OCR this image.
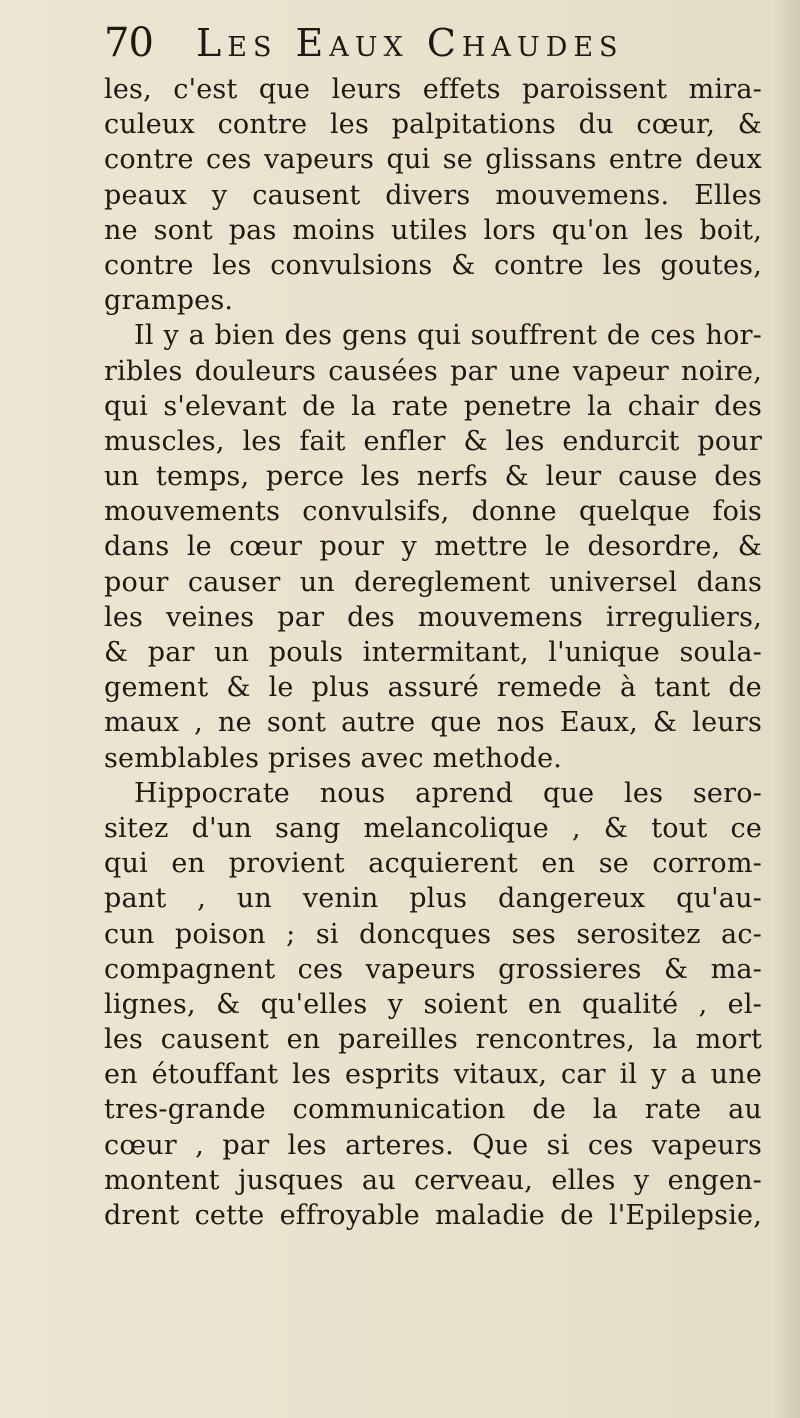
70	Les Eaux Chaudes

les, c'est que leurs effets paroissent mira-
culeux contre les palpitations du cœur, &
contre ces vapeurs qui se glissans entre deux
peaux y causent divers mouvemens. Elles
ne sont pas moins utiles lors qu'on les boit,
contre les convulsions & contre les goutes,
grampes.

Il y a bien des gens qui souffrent de ces hor-
ribles douleurs causées par une vapeur noire,
qui s'elevant de la rate penetre la chair des
muscles, les fait enfler & les endurcit pour
un temps, perce les nerfs & leur cause des
mouvements convulsifs, donne quelque fois
dans le cœur pour y mettre le desordre, &
pour causer un dereglement universel dans
les veines par des mouvemens irreguliers,
& par un pouls intermitant, l'unique soula-
gement & le plus assuré remede à tant de
maux , ne sont autre que nos Eaux, & leurs
semblables prises avec methode.

Hippocrate nous aprend que les sero-
sitez d'un sang melancolique , & tout ce
qui en provient acquierent en se corrom-
pant , un venin plus dangereux qu'au-
cun poison ; si doncques ses serositez ac-
compagnent ces vapeurs grossieres & ma-
lignes, & qu'elles y soient en qualité , el-
les causent en pareilles rencontres, la mort
en étouffant les esprits vitaux, car il y a une
tres-grande communication de la rate au
cœur , par les arteres. Que si ces vapeurs
montent jusques au cerveau, elles y engen-
drent cette effroyable maladie de l'Epilepsie,
